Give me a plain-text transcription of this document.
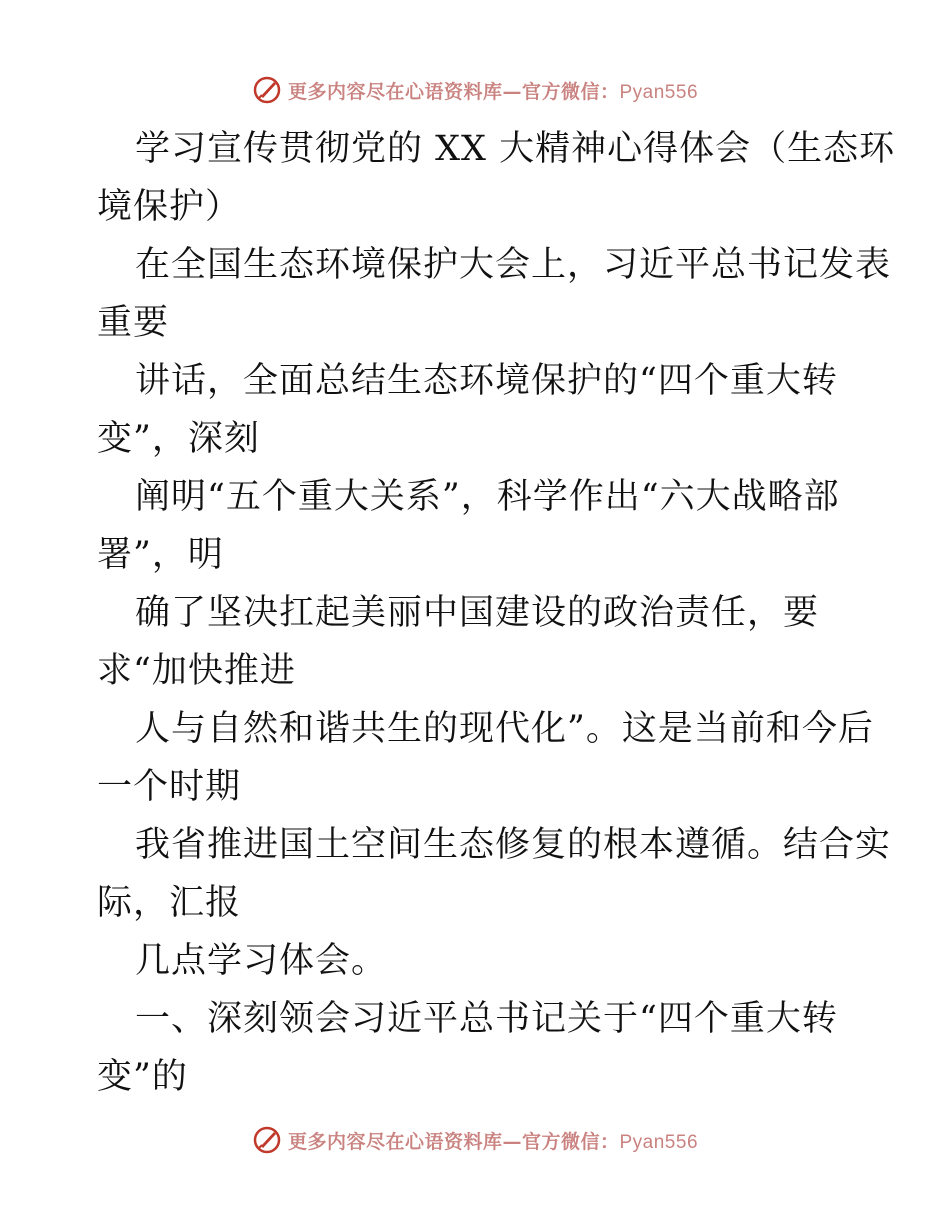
更多内容尽在心语资料库—官方微信：Pyan556
学习宣传贯彻党的 XX 大精神心得体会（生态环
境保护）
在全国生态环境保护大会上，习近平总书记发表
重要
讲话，全面总结生态环境保护的“四个重大转
变”，深刻
阐明“五个重大关系”，科学作出“六大战略部
署”，明
确了坚决扛起美丽中国建设的政治责任，要
求“加快推进
人与自然和谐共生的现代化”。这是当前和今后
一个时期
我省推进国土空间生态修复的根本遵循。结合实
际，汇报
几点学习体会。
一、深刻领会习近平总书记关于“四个重大转
变”的
更多内容尽在心语资料库—官方微信：Pyan556
